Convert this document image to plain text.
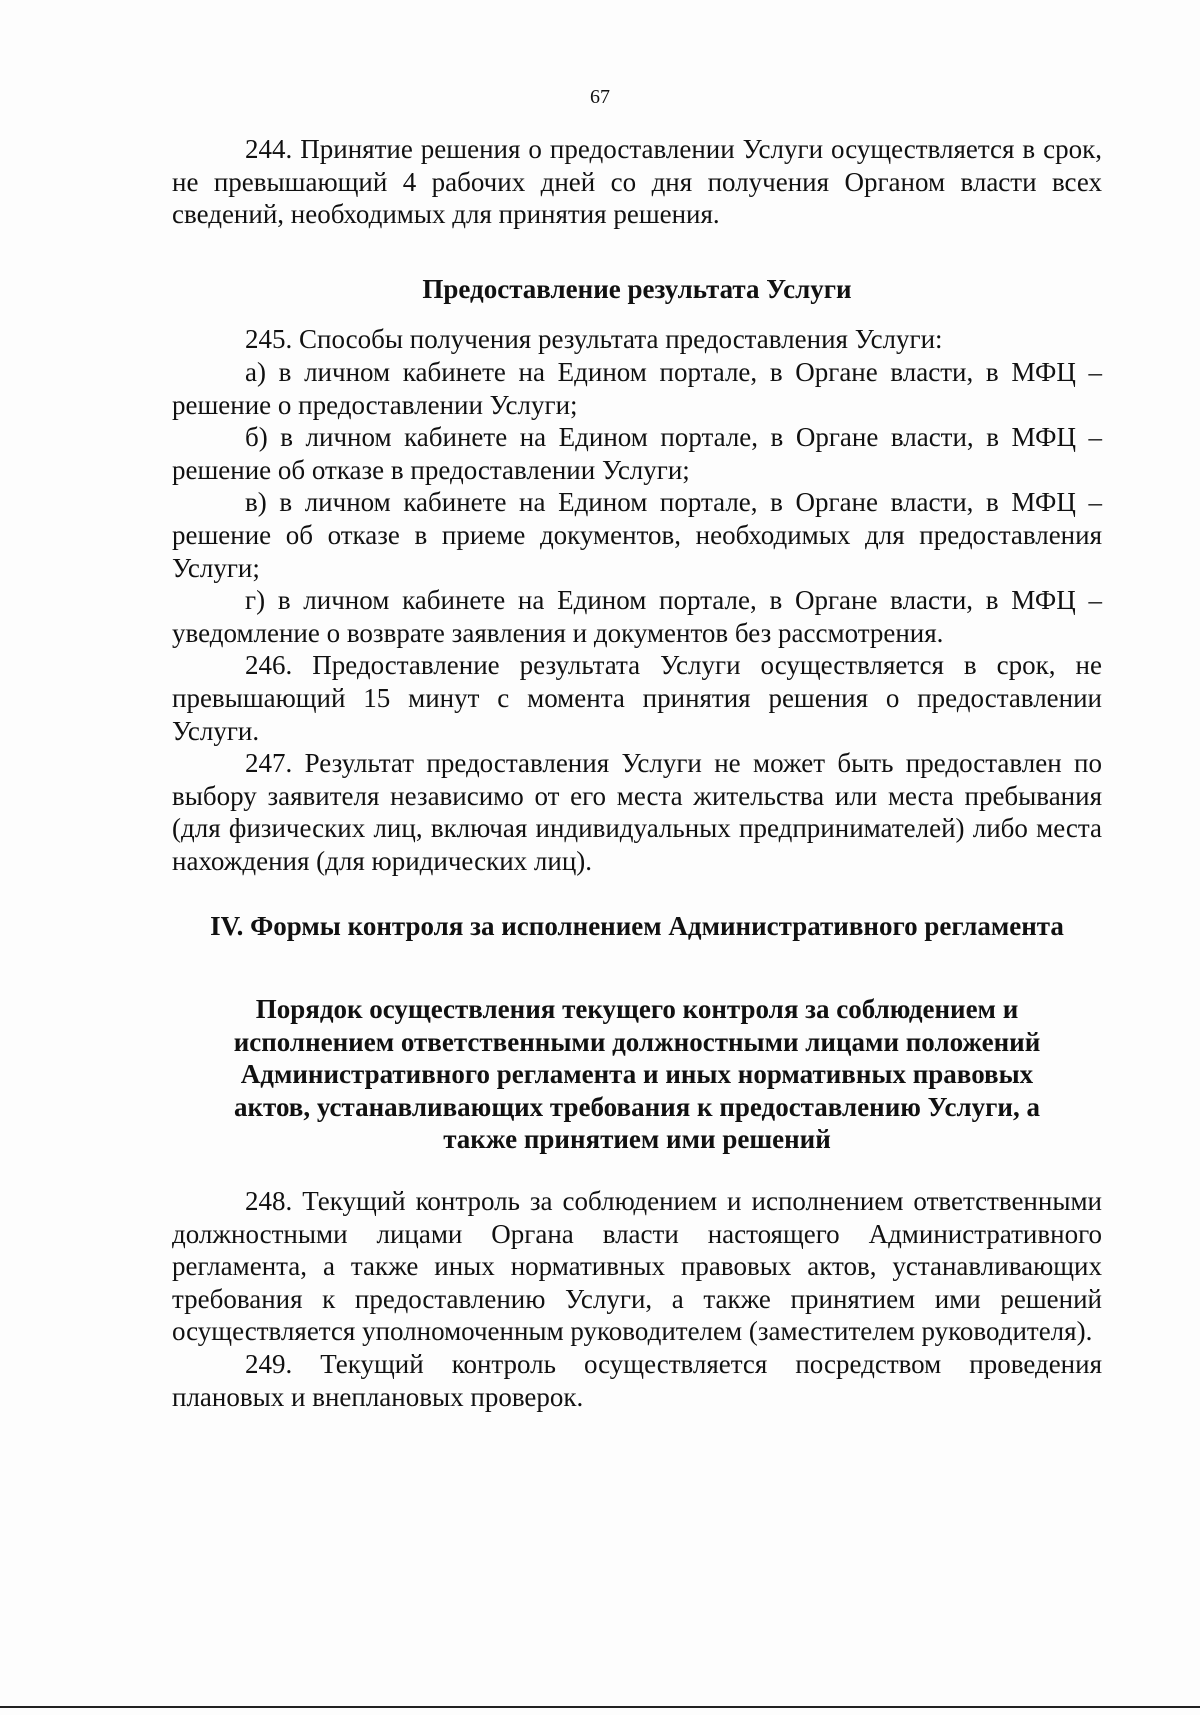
67

244. Принятие решения о предоставлении Услуги осуществляется в срок, не превышающий 4 рабочих дней со дня получения Органом власти всех сведений, необходимых для принятия решения.

Предоставление результата Услуги

245. Способы получения результата предоставления Услуги:

а) в личном кабинете на Едином портале, в Органе власти, в МФЦ – решение о предоставлении Услуги;

б) в личном кабинете на Едином портале, в Органе власти, в МФЦ – решение об отказе в предоставлении Услуги;

в) в личном кабинете на Едином портале, в Органе власти, в МФЦ – решение об отказе в приеме документов, необходимых для предоставления Услуги;

г) в личном кабинете на Едином портале, в Органе власти, в МФЦ – уведомление о возврате заявления и документов без рассмотрения.

246. Предоставление результата Услуги осуществляется в срок, не превышающий 15 минут с момента принятия решения о предоставлении Услуги.

247. Результат предоставления Услуги не может быть предоставлен по выбору заявителя независимо от его места жительства или места пребывания (для физических лиц, включая индивидуальных предпринимателей) либо места нахождения (для юридических лиц).

IV. Формы контроля за исполнением Административного регламента

Порядок осуществления текущего контроля за соблюдением и

исполнением ответственными должностными лицами положений

Административного регламента и иных нормативных правовых

актов, устанавливающих требования к предоставлению Услуги, а

также принятием ими решений

248. Текущий контроль за соблюдением и исполнением ответственными должностными лицами Органа власти настоящего Административного регламента, а также иных нормативных правовых актов, устанавливающих требования к предоставлению Услуги, а также принятием ими решений осуществляется уполномоченным руководителем (заместителем руководителя).

249. Текущий контроль осуществляется посредством проведения плановых и внеплановых проверок.
